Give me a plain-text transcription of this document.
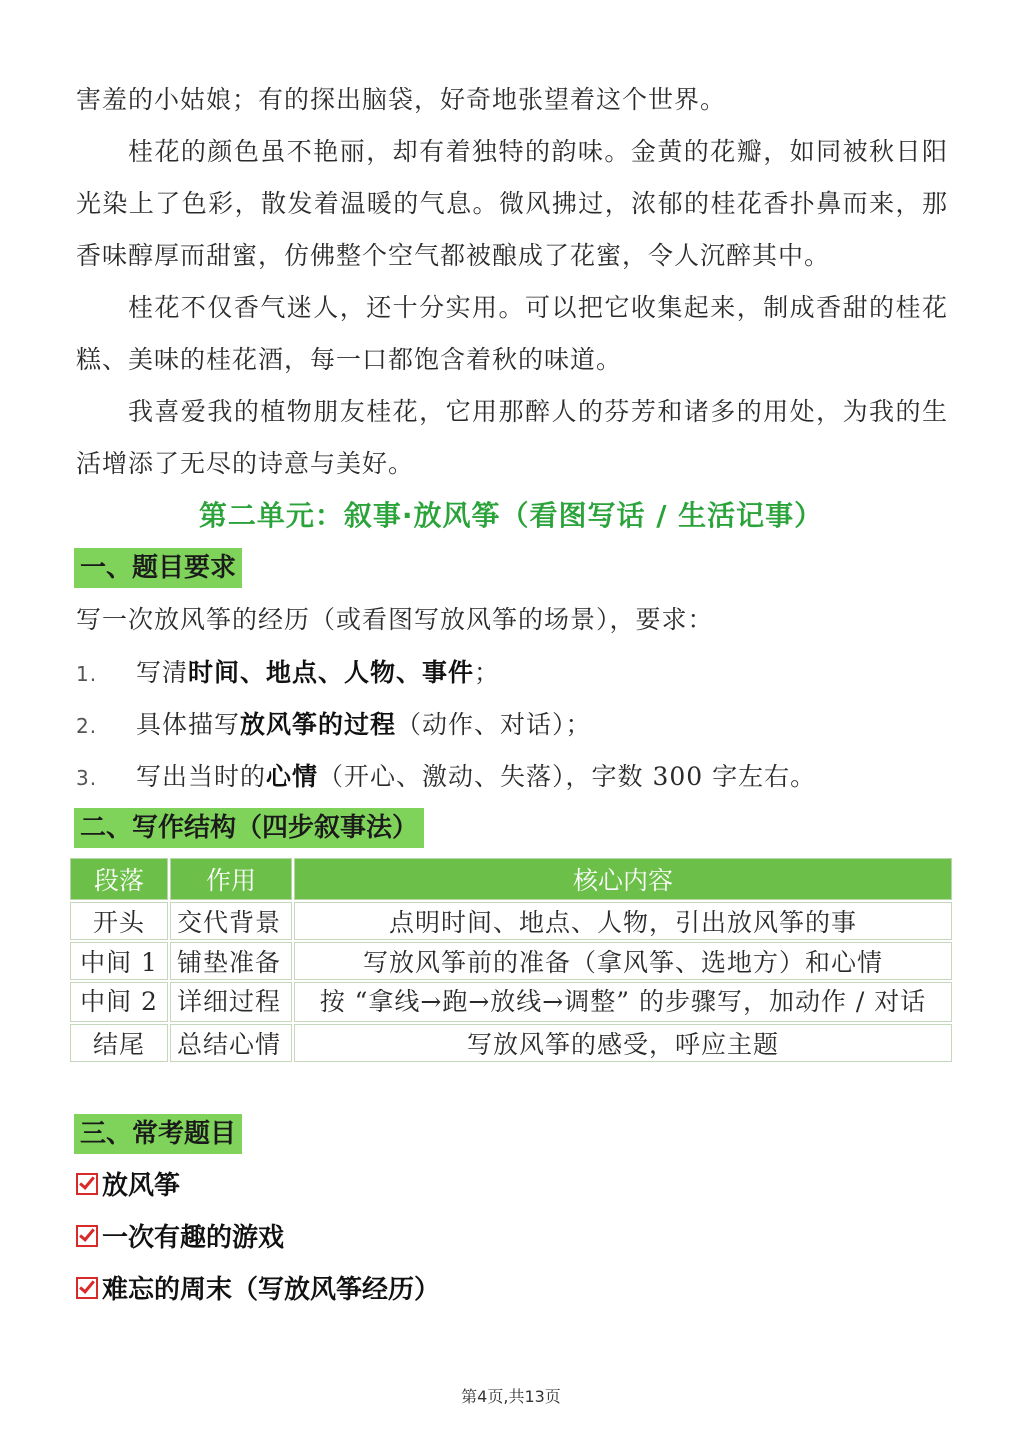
害羞的小姑娘；有的探出脑袋，好奇地张望着这个世界。

桂花的颜色虽不艳丽，却有着独特的韵味。金黄的花瓣，如同被秋日阳光染上了色彩，散发着温暖的气息。微风拂过，浓郁的桂花香扑鼻而来，那香味醇厚而甜蜜，仿佛整个空气都被酿成了花蜜，令人沉醉其中。

桂花不仅香气迷人，还十分实用。可以把它收集起来，制成香甜的桂花糕、美味的桂花酒，每一口都饱含着秋的味道。

我喜爱我的植物朋友桂花，它用那醉人的芬芳和诸多的用处，为我的生活增添了无尽的诗意与美好。

第二单元：叙事·放风筝（看图写话 / 生活记事）
一、题目要求
写一次放风筝的经历（或看图写放风筝的场景），要求：
1. 写清时间、地点、人物、事件；
2. 具体描写放风筝的过程（动作、对话）；
3. 写出当时的心情（开心、激动、失落），字数 300 字左右。
二、写作结构（四步叙事法）
段落	作用	核心内容
开头	交代背景	点明时间、地点、人物，引出放风筝的事
中间 1	铺垫准备	写放风筝前的准备（拿风筝、选地方）和心情
中间 2	详细过程	按 “拿线→跑→放线→调整” 的步骤写，加动作 / 对话
结尾	总结心情	写放风筝的感受，呼应主题
三、常考题目
放风筝
一次有趣的游戏
难忘的周末（写放风筝经历）
第4页,共13页
